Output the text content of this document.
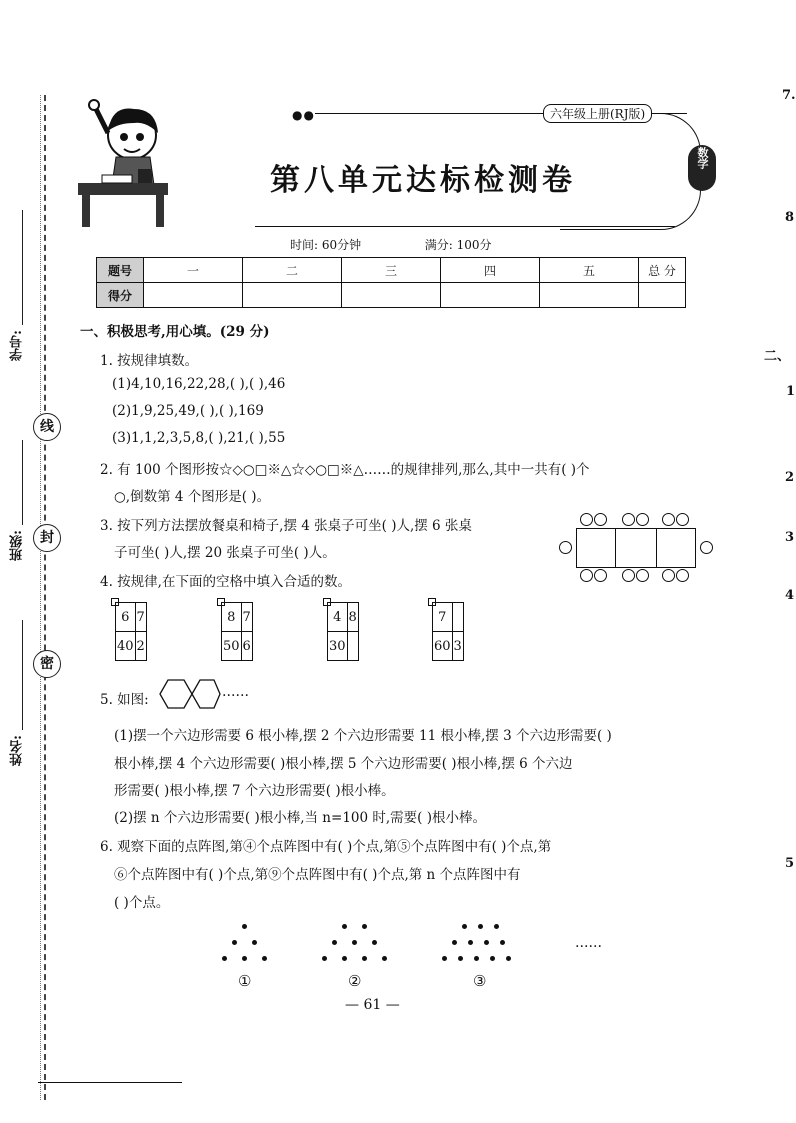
线
封
密
学号:
班级:
姓名:
●●	六年级上册(RJ版)
第八单元达标检测卷
数学
时间: 60分钟	满分: 100分
题号	一	二	三	四	五	总 分
得分						
一、积极思考,用心填。(29 分)
1. 按规律填数。
(1)4,10,16,22,28,( ),( ),46
(2)1,9,25,49,( ),( ),169
(3)1,1,2,3,5,8,( ),21,( ),55
2. 有 100 个图形按☆◇○□※△☆◇○□※△……的规律排列,那么,其中一共有( )个
○,倒数第 4 个图形是( )。
3. 按下列方法摆放餐桌和椅子,摆 4 张桌子可坐( )人,摆 6 张桌
子可坐( )人,摆 20 张桌子可坐( )人。
4. 按规律,在下面的空格中填入合适的数。
6	7
40	2
8	7
50	6
4	8
30	
7	
60	3
5. 如图:	……
(1)摆一个六边形需要 6 根小棒,摆 2 个六边形需要 11 根小棒,摆 3 个六边形需要( )
根小棒,摆 4 个六边形需要( )根小棒,摆 5 个六边形需要( )根小棒,摆 6 个六边
形需要( )根小棒,摆 7 个六边形需要( )根小棒。
(2)摆 n 个六边形需要( )根小棒,当 n=100 时,需要( )根小棒。
6. 观察下面的点阵图,第④个点阵图中有( )个点,第⑤个点阵图中有( )个点,第
⑥个点阵图中有( )个点,第⑨个点阵图中有( )个点,第 n 个点阵图中有
( )个点。
①	②	③
……
— 61 —
7.
8
二、
1
2
3
4
5
